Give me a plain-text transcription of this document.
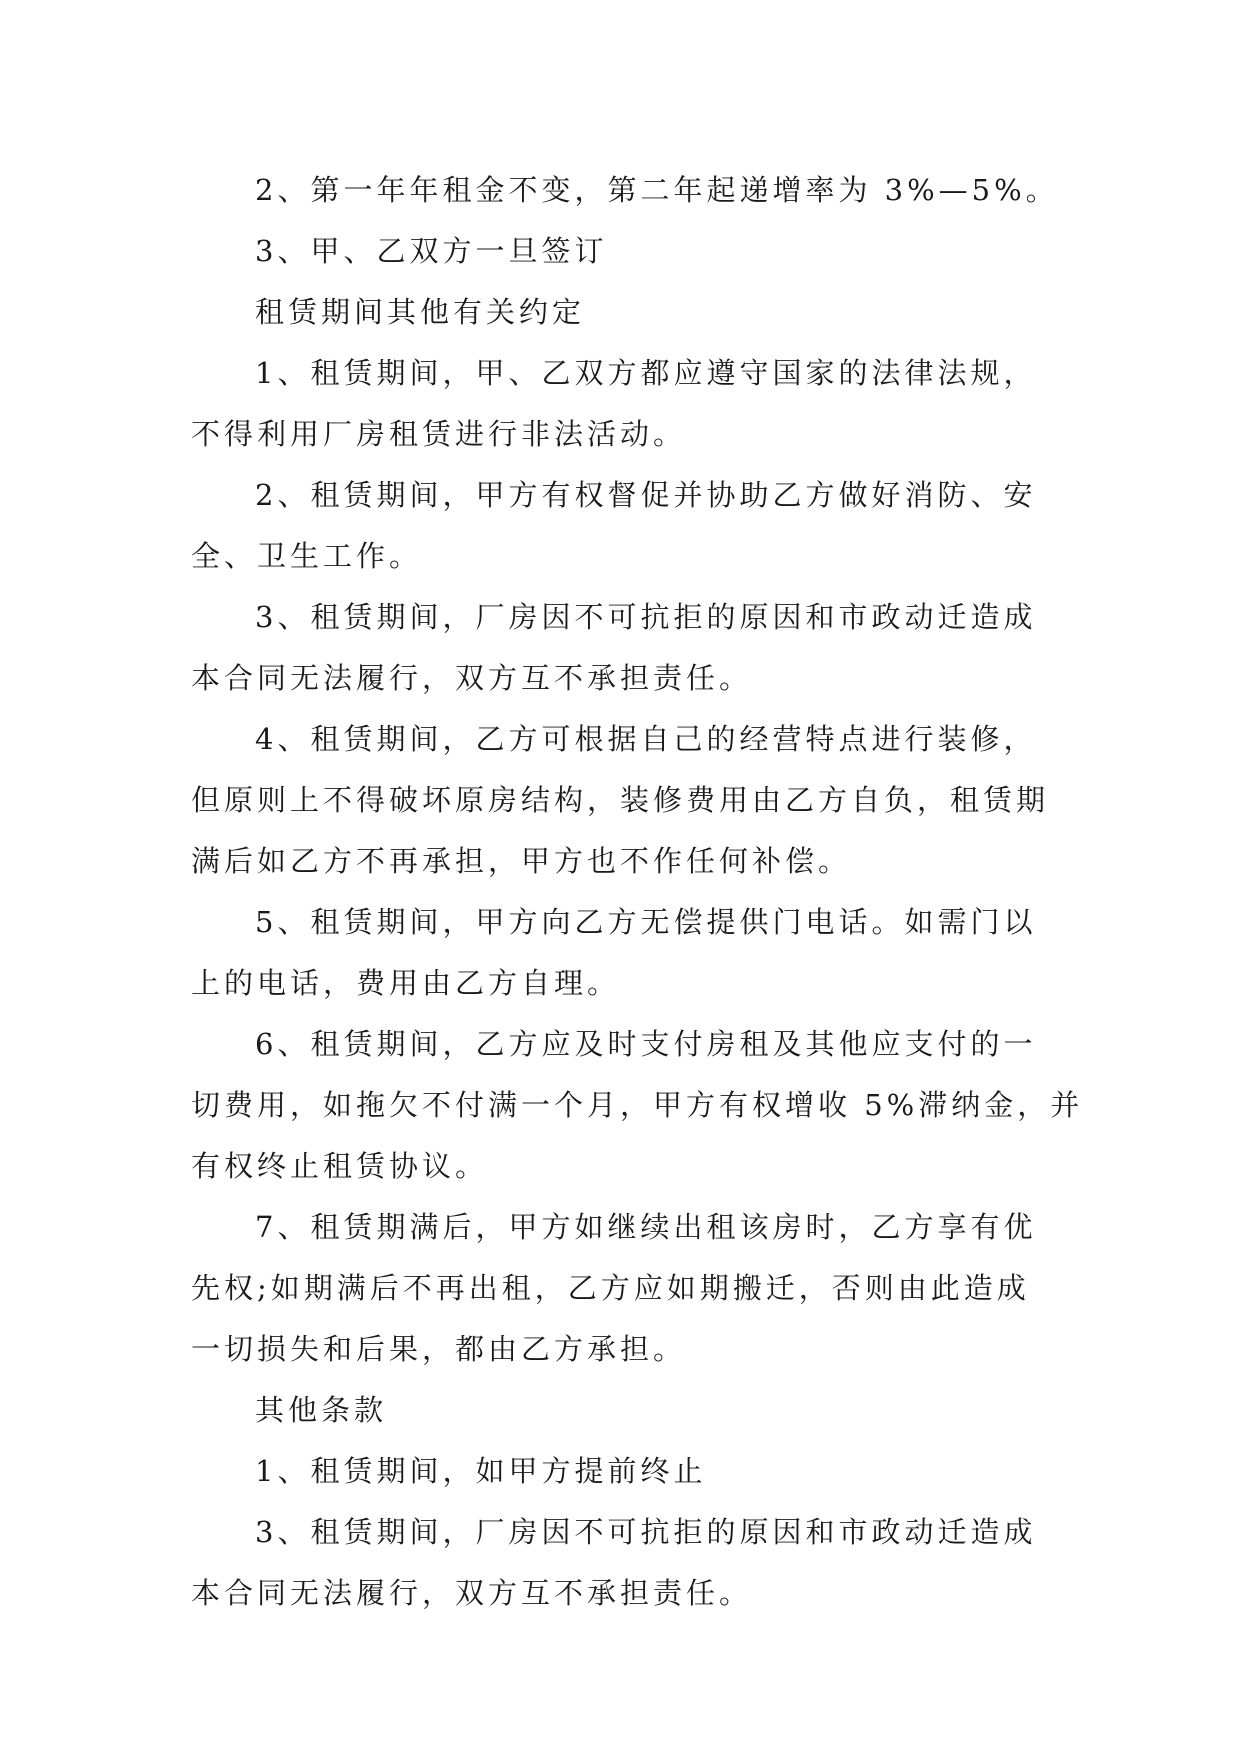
2、第一年年租金不变，第二年起递增率为 3%—5%。

3、甲、乙双方一旦签订

租赁期间其他有关约定

1、租赁期间，甲、乙双方都应遵守国家的法律法规，
不得利用厂房租赁进行非法活动。

2、租赁期间，甲方有权督促并协助乙方做好消防、安
全、卫生工作。

3、租赁期间，厂房因不可抗拒的原因和市政动迁造成
本合同无法履行，双方互不承担责任。

4、租赁期间，乙方可根据自己的经营特点进行装修，
但原则上不得破坏原房结构，装修费用由乙方自负，租赁期
满后如乙方不再承担，甲方也不作任何补偿。

5、租赁期间，甲方向乙方无偿提供门电话。如需门以
上的电话，费用由乙方自理。

6、租赁期间，乙方应及时支付房租及其他应支付的一
切费用，如拖欠不付满一个月，甲方有权增收 5%滞纳金，并
有权终止租赁协议。

7、租赁期满后，甲方如继续出租该房时，乙方享有优
先权;如期满后不再出租，乙方应如期搬迁，否则由此造成
一切损失和后果，都由乙方承担。

其他条款

1、租赁期间，如甲方提前终止

3、租赁期间，厂房因不可抗拒的原因和市政动迁造成
本合同无法履行，双方互不承担责任。
